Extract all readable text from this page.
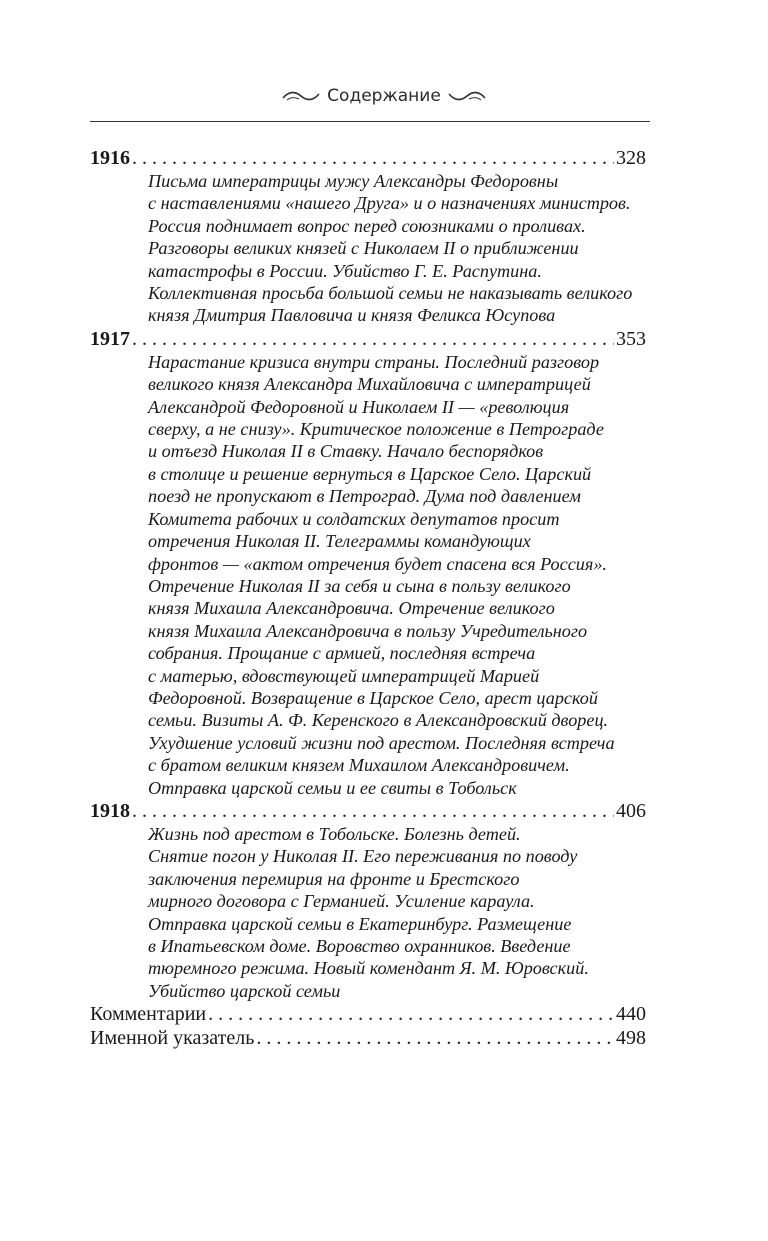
Содержание
1916 . . .	328
Письма императрицы мужу Александры Федоровны
с наставлениями «нашего Друга» и о назначениях министров.
Россия поднимает вопрос перед союзниками о проливах.
Разговоры великих князей с Николаем II о приближении
катастрофы в России. Убийство Г. Е. Распутина.
Коллективная просьба большой семьи не наказывать великого
князя Дмитрия Павловича и князя Феликса Юсупова
1917 . . .	353
Нарастание кризиса внутри страны. Последний разговор
великого князя Александра Михайловича с императрицей
Александрой Федоровной и Николаем II — «революция
сверху, а не снизу». Критическое положение в Петрограде
и отъезд Николая II в Ставку. Начало беспорядков
в столице и решение вернуться в Царское Село. Царский
поезд не пропускают в Петроград. Дума под давлением
Комитета рабочих и солдатских депутатов просит
отречения Николая II. Телеграммы командующих
фронтов — «актом отречения будет спасена вся Россия».
Отречение Николая II за себя и сына в пользу великого
князя Михаила Александровича. Отречение великого
князя Михаила Александровича в пользу Учредительного
собрания. Прощание с армией, последняя встреча
с матерью, вдовствующей императрицей Марией
Федоровной. Возвращение в Царское Село, арест царской
семьи. Визиты А. Ф. Керенского в Александровский дворец.
Ухудшение условий жизни под арестом. Последняя встреча
с братом великим князем Михаилом Александровичем.
Отправка царской семьи и ее свиты в Тобольск
1918 . . .	406
Жизнь под арестом в Тобольске. Болезнь детей.
Снятие погон у Николая II. Его переживания по поводу
заключения перемирия на фронте и Брестского
мирного договора с Германией. Усиление караула.
Отправка царской семьи в Екатеринбург. Размещение
в Ипатьевском доме. Воровство охранников. Введение
тюремного режима. Новый комендант Я. М. Юровский.
Убийство царской семьи
Комментарии . . .	440
Именной указатель . . .	498
